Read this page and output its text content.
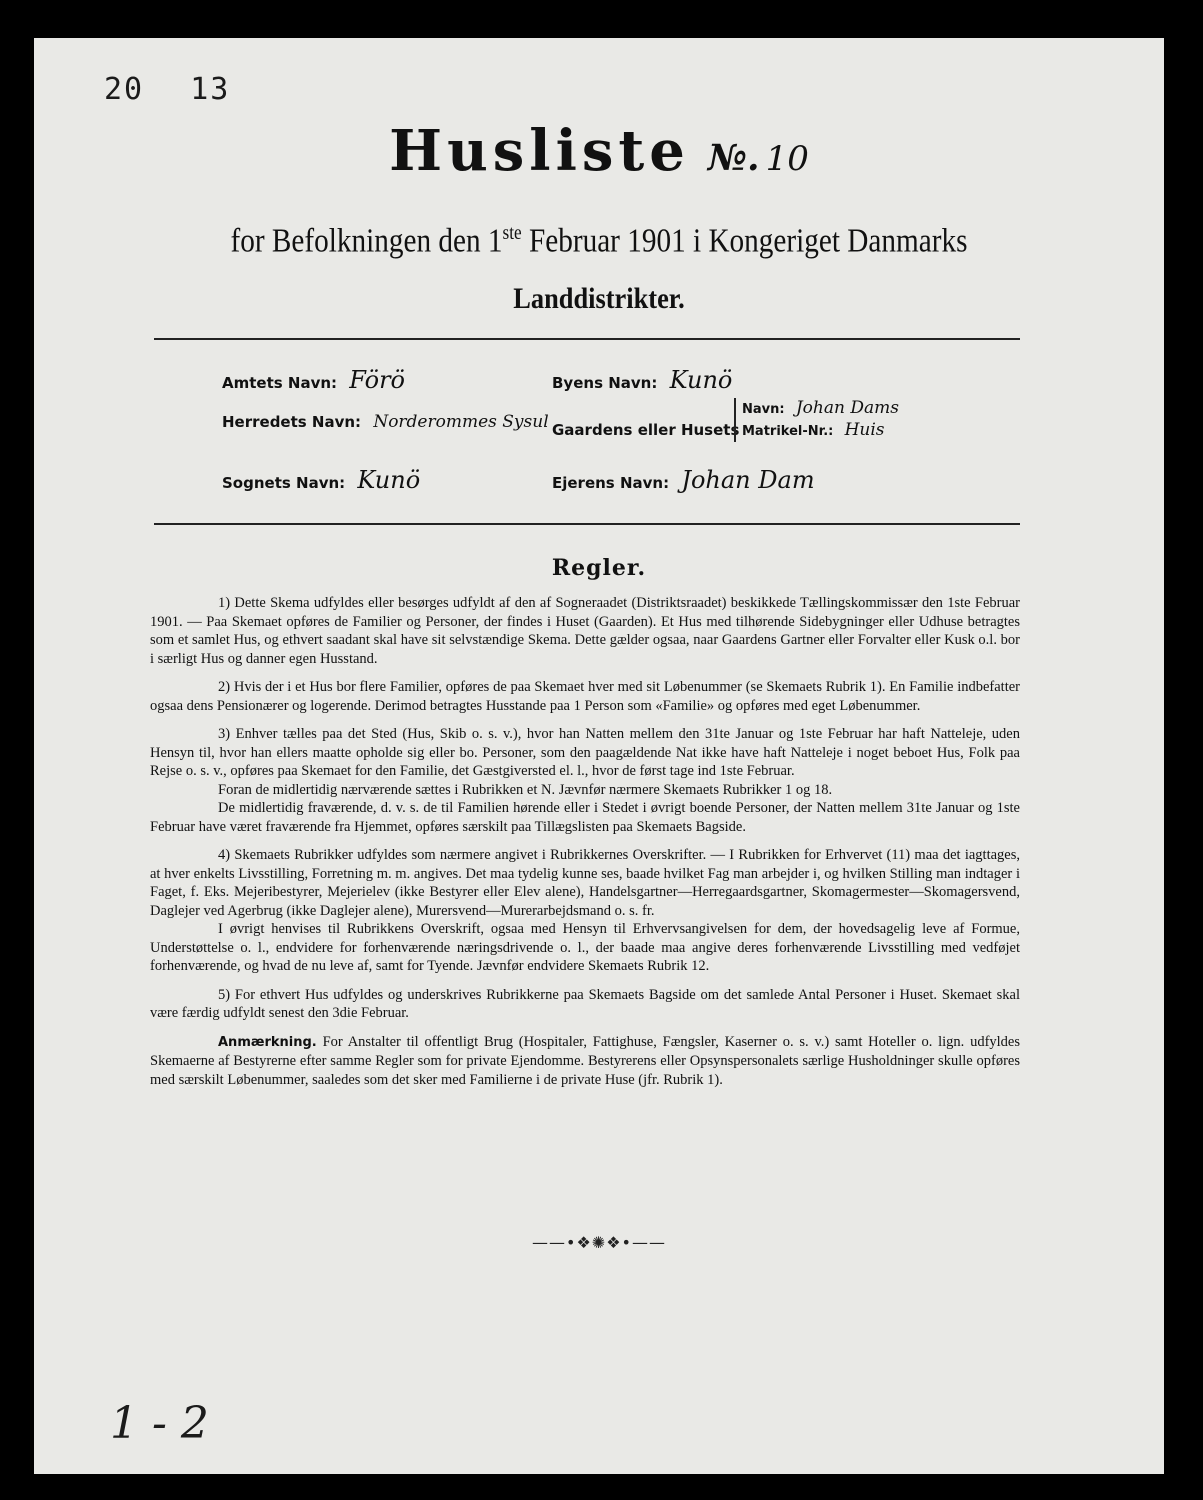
20 13
Husliste №. 10
for Befolkningen den 1ste Februar 1901 i Kongeriget Danmarks
Landdistrikter.
Amtets Navn: Förö	Byens Navn: Kunö
Herredets Navn: Norderommes Sysul Gaardens eller Husets
Navn: Johan Dams
Matrikel-Nr.: Huis
Sognets Navn: Kunö	Ejerens Navn: Johan Dam
Regler.

1) Dette Skema udfyldes eller besørges udfyldt af den af Sogneraadet (Distriktsraadet) beskikkede Tællingskommissær den 1ste Februar 1901. — Paa Skemaet opføres de Familier og Personer, der findes i Huset (Gaarden). Et Hus med tilhørende Sidebygninger eller Udhuse betragtes som et samlet Hus, og ethvert saadant skal have sit selvstændige Skema. Dette gælder ogsaa, naar Gaardens Gartner eller Forvalter eller Kusk o.l. bor i særligt Hus og danner egen Husstand.

2) Hvis der i et Hus bor flere Familier, opføres de paa Skemaet hver med sit Løbenummer (se Skemaets Rubrik 1). En Familie indbefatter ogsaa dens Pensionærer og logerende. Derimod betragtes Husstande paa 1 Person som «Familie» og opføres med eget Løbenummer.

3) Enhver tælles paa det Sted (Hus, Skib o. s. v.), hvor han Natten mellem den 31te Januar og 1ste Februar har haft Natteleje, uden Hensyn til, hvor han ellers maatte opholde sig eller bo. Personer, som den paagældende Nat ikke have haft Natteleje i noget beboet Hus, Folk paa Rejse o. s. v., opføres paa Skemaet for den Familie, det Gæstgiversted el. l., hvor de først tage ind 1ste Februar.

Foran de midlertidig nærværende sættes i Rubrikken et N. Jævnfør nærmere Skemaets Rubrikker 1 og 18.

De midlertidig fraværende, d. v. s. de til Familien hørende eller i Stedet i øvrigt boende Personer, der Natten mellem 31te Januar og 1ste Februar have været fraværende fra Hjemmet, opføres særskilt paa Tillægslisten paa Skemaets Bagside.

4) Skemaets Rubrikker udfyldes som nærmere angivet i Rubrikkernes Overskrifter. — I Rubrikken for Erhvervet (11) maa det iagttages, at hver enkelts Livsstilling, Forretning m. m. angives. Det maa tydelig kunne ses, baade hvilket Fag man arbejder i, og hvilken Stilling man indtager i Faget, f. Eks. Mejeribestyrer, Mejerielev (ikke Bestyrer eller Elev alene), Handelsgartner—Herregaardsgartner, Skomagermester—Skomagersvend, Daglejer ved Agerbrug (ikke Daglejer alene), Murersvend—Murerarbejdsmand o. s. fr.

I øvrigt henvises til Rubrikkens Overskrift, ogsaa med Hensyn til Erhvervsangivelsen for dem, der hovedsagelig leve af Formue, Understøttelse o. l., endvidere for forhenværende næringsdrivende o. l., der baade maa angive deres forhenværende Livsstilling med vedføjet forhenværende, og hvad de nu leve af, samt for Tyende. Jævnfør endvidere Skemaets Rubrik 12.

5) For ethvert Hus udfyldes og underskrives Rubrikkerne paa Skemaets Bagside om det samlede Antal Personer i Huset. Skemaet skal være færdig udfyldt senest den 3die Februar.

Anmærkning. For Anstalter til offentligt Brug (Hospitaler, Fattighuse, Fængsler, Kaserner o. s. v.) samt Hoteller o. lign. udfyldes Skemaerne af Bestyrerne efter samme Regler som for private Ejendomme. Bestyrerens eller Opsynspersonalets særlige Husholdninger skulle opføres med særskilt Løbenummer, saaledes som det sker med Familierne i de private Huse (jfr. Rubrik 1).

——•❖✺❖•——
1 - 2
